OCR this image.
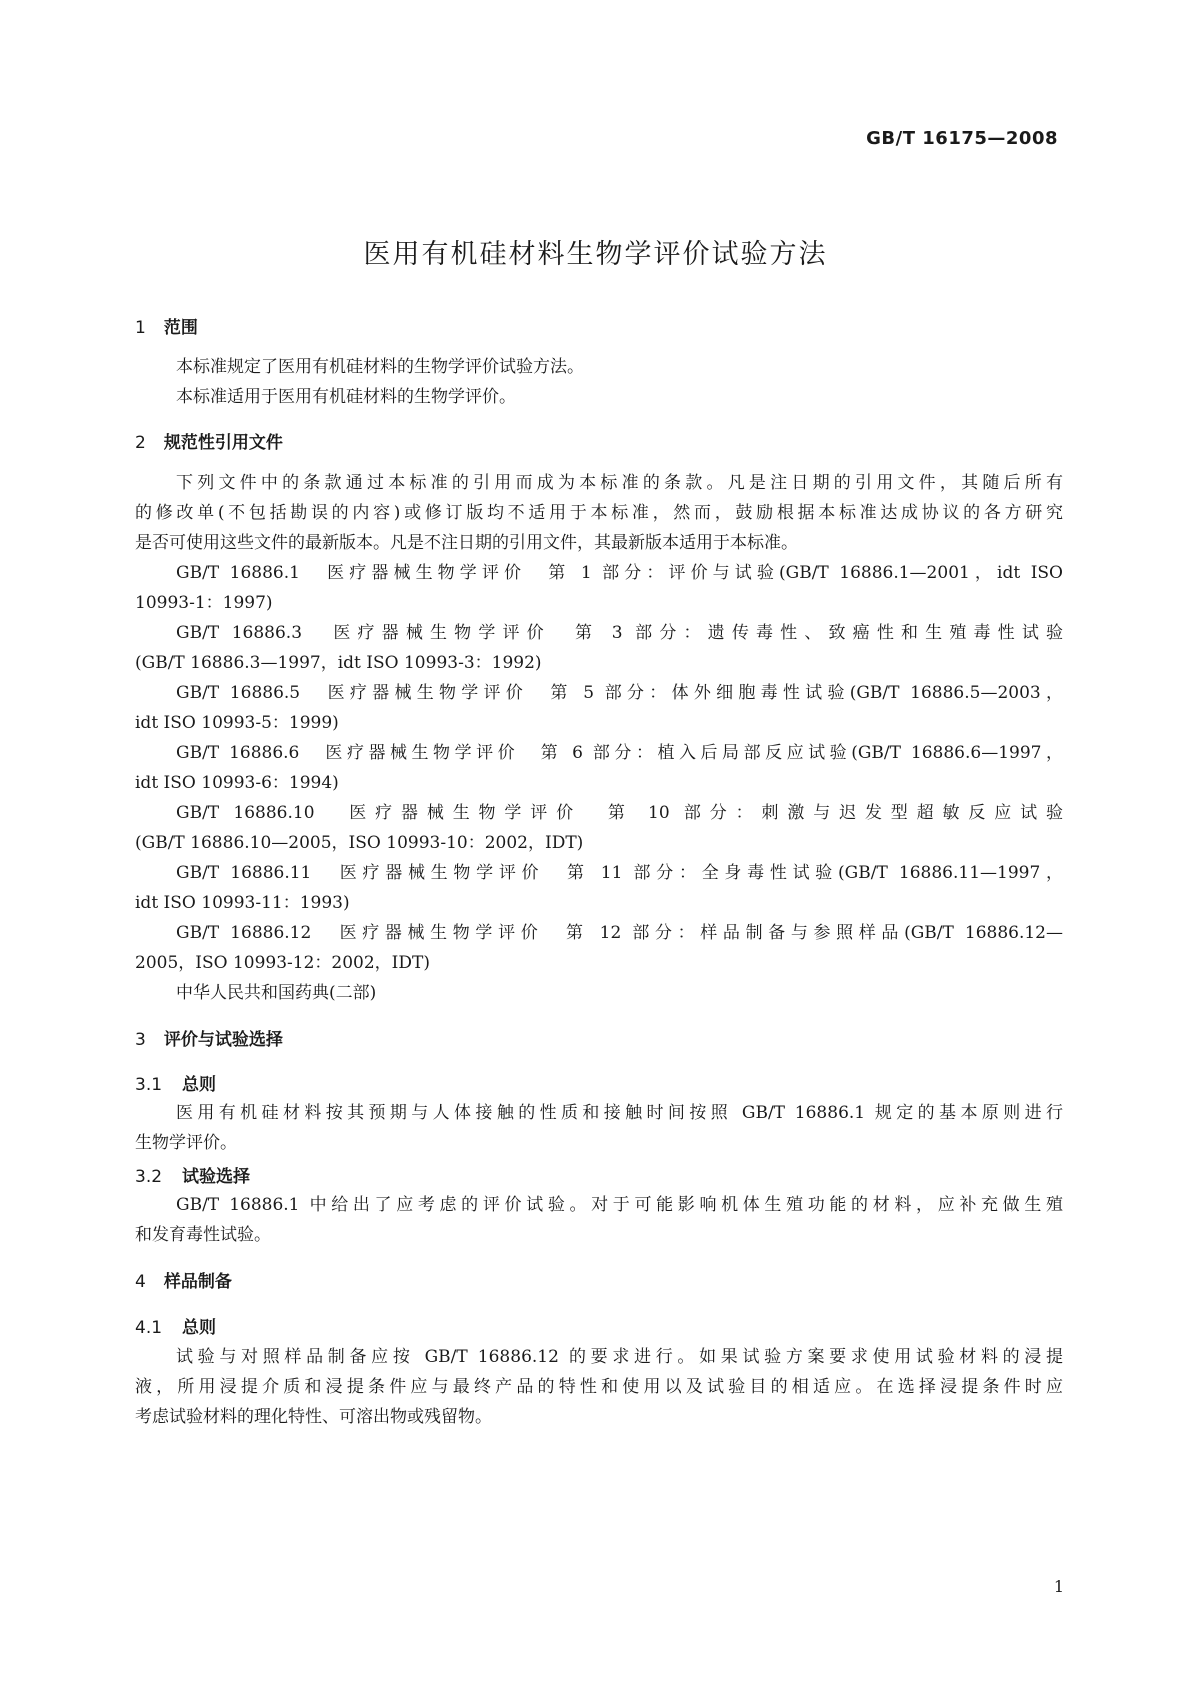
GB/T 16175—2008
医用有机硅材料生物学评价试验方法
1 范围
本标准规定了医用有机硅材料的生物学评价试验方法。
本标准适用于医用有机硅材料的生物学评价。
2 规范性引用文件
下列文件中的条款通过本标准的引用而成为本标准的条款。凡是注日期的引用文件，其随后所有
的修改单(不包括勘误的内容)或修订版均不适用于本标准，然而，鼓励根据本标准达成协议的各方研究
是否可使用这些文件的最新版本。凡是不注日期的引用文件，其最新版本适用于本标准。
GB/T 16886.1　医疗器械生物学评价　第 1 部分：评价与试验(GB/T 16886.1—2001，idt ISO
10993-1：1997)
GB/T 16886.3　医疗器械生物学评价　第 3 部分：遗传毒性、致癌性和生殖毒性试验
(GB/T 16886.3—1997，idt ISO 10993-3：1992)
GB/T 16886.5　医疗器械生物学评价　第 5 部分：体外细胞毒性试验(GB/T 16886.5—2003，
idt ISO 10993-5：1999)
GB/T 16886.6　医疗器械生物学评价　第 6 部分：植入后局部反应试验(GB/T 16886.6—1997，
idt ISO 10993-6：1994)
GB/T 16886.10　医疗器械生物学评价　第 10 部分：刺激与迟发型超敏反应试验
(GB/T 16886.10—2005，ISO 10993-10：2002，IDT)
GB/T 16886.11　医疗器械生物学评价　第 11 部分：全身毒性试验(GB/T 16886.11—1997，
idt ISO 10993-11：1993)
GB/T 16886.12　医疗器械生物学评价　第 12 部分：样品制备与参照样品(GB/T 16886.12—
2005，ISO 10993-12：2002，IDT)
中华人民共和国药典(二部)
3 评价与试验选择
3.1 总则
医用有机硅材料按其预期与人体接触的性质和接触时间按照 GB/T 16886.1 规定的基本原则进行
生物学评价。
3.2 试验选择
GB/T 16886.1 中给出了应考虑的评价试验。对于可能影响机体生殖功能的材料，应补充做生殖
和发育毒性试验。
4 样品制备
4.1 总则
试验与对照样品制备应按 GB/T 16886.12 的要求进行。如果试验方案要求使用试验材料的浸提
液，所用浸提介质和浸提条件应与最终产品的特性和使用以及试验目的相适应。在选择浸提条件时应
考虑试验材料的理化特性、可溶出物或残留物。
1
